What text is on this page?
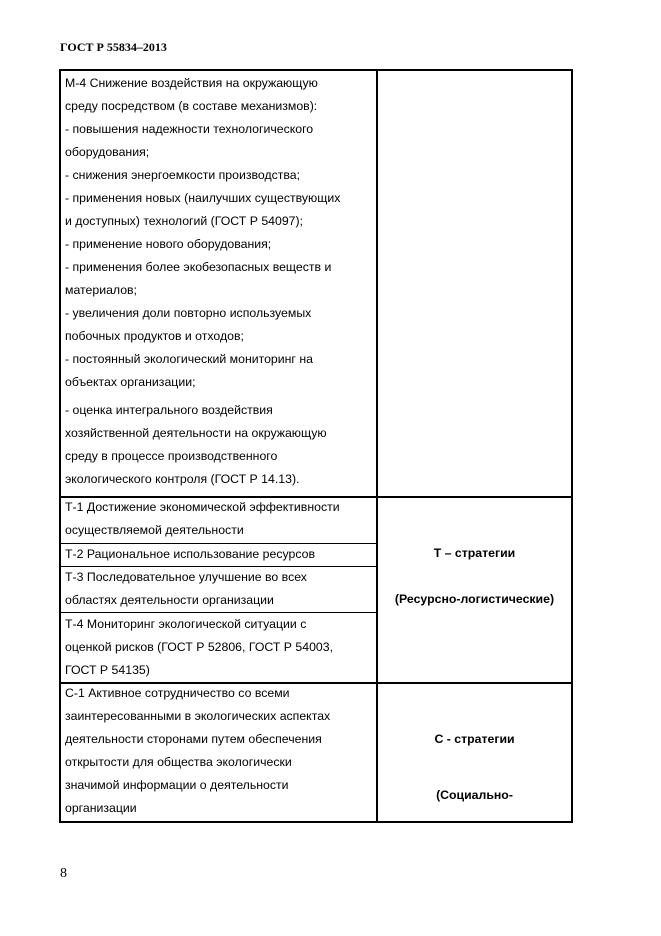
ГОСТ Р 55834–2013
М-4 Снижение воздействия на окружающую
среду посредством (в составе механизмов):
- повышения надежности технологического
оборудования;
- снижения энергоемкости производства;
- применения новых (наилучших существующих
и доступных) технологий (ГОСТ Р 54097);
- применение нового оборудования;
- применения более экобезопасных веществ и
материалов;
- увеличения доли повторно используемых
побочных продуктов и отходов;
- постоянный экологический мониторинг на
объектах организации;
- оценка интегрального воздействия
хозяйственной деятельности на окружающую
среду в процессе производственного
экологического контроля (ГОСТ Р 14.13).
Т-1 Достижение экономической эффективности
осуществляемой деятельности
Т-2 Рациональное использование ресурсов
Т-3 Последовательное улучшение во всех
областях деятельности организации
Т-4 Мониторинг экологической ситуации с
оценкой рисков (ГОСТ Р 52806, ГОСТ Р 54003,
ГОСТ Р 54135)
Т – стратегии
(Ресурсно-логистические)
С-1 Активное сотрудничество со всеми
заинтересованными в экологических аспектах
деятельности сторонами путем обеспечения
открытости для общества экологически
значимой информации о деятельности
организации
С - стратегии
(Социально-
8
